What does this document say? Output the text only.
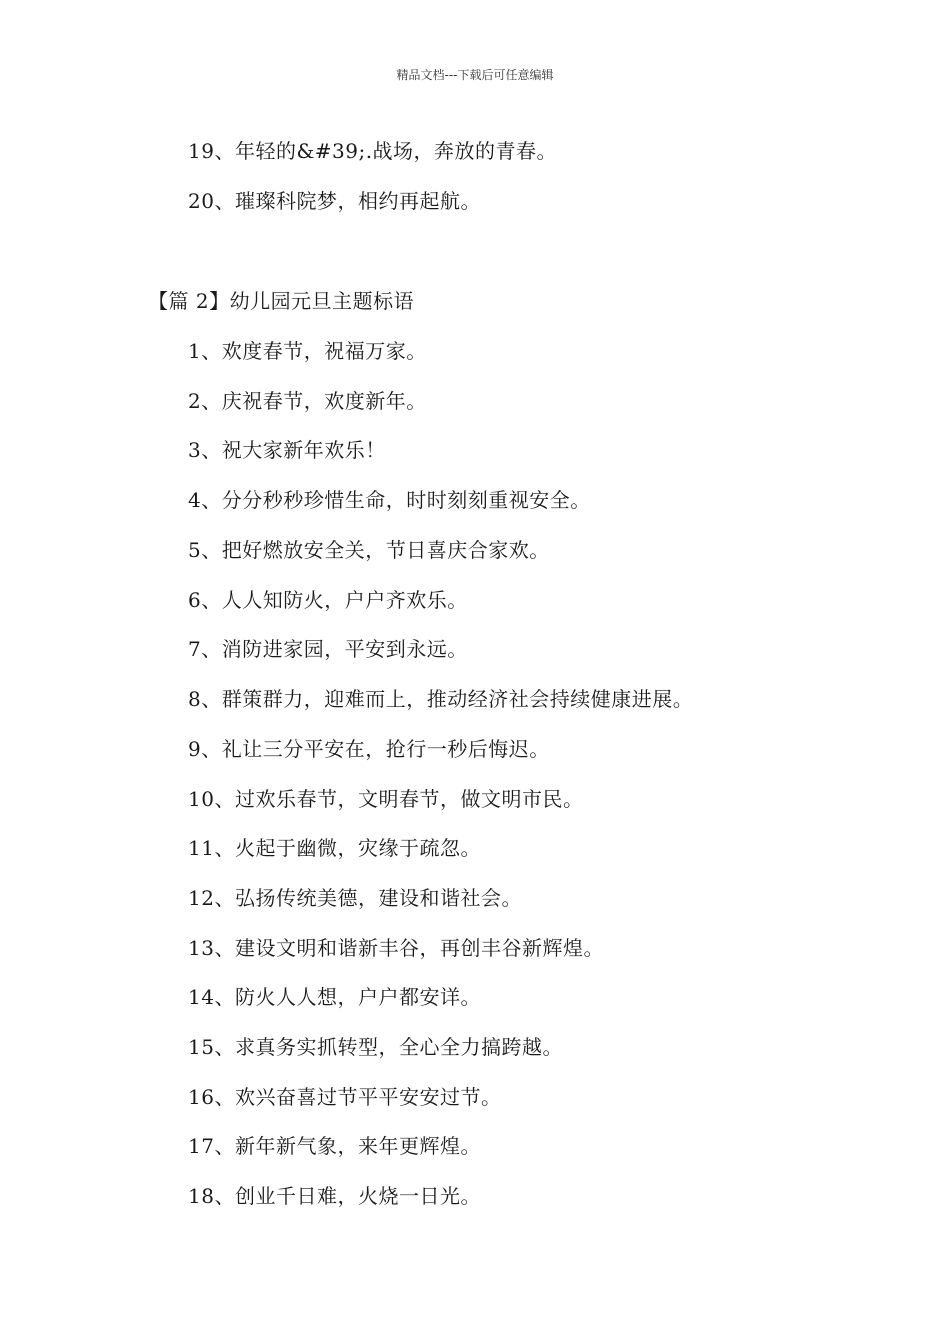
精品文档---下载后可任意编辑
19、年轻的&#39;.战场，奔放的青春。
20、璀璨科院梦，相约再起航。
【篇 2】幼儿园元旦主题标语
1、欢度春节，祝福万家。
2、庆祝春节，欢度新年。
3、祝大家新年欢乐！
4、分分秒秒珍惜生命，时时刻刻重视安全。
5、把好燃放安全关，节日喜庆合家欢。
6、人人知防火，户户齐欢乐。
7、消防进家园，平安到永远。
8、群策群力，迎难而上，推动经济社会持续健康进展。
9、礼让三分平安在，抢行一秒后悔迟。
10、过欢乐春节，文明春节，做文明市民。
11、火起于幽微，灾缘于疏忽。
12、弘扬传统美德，建设和谐社会。
13、建设文明和谐新丰谷，再创丰谷新辉煌。
14、防火人人想，户户都安详。
15、求真务实抓转型，全心全力搞跨越。
16、欢兴奋喜过节平平安安过节。
17、新年新气象，来年更辉煌。
18、创业千日难，火烧一日光。
